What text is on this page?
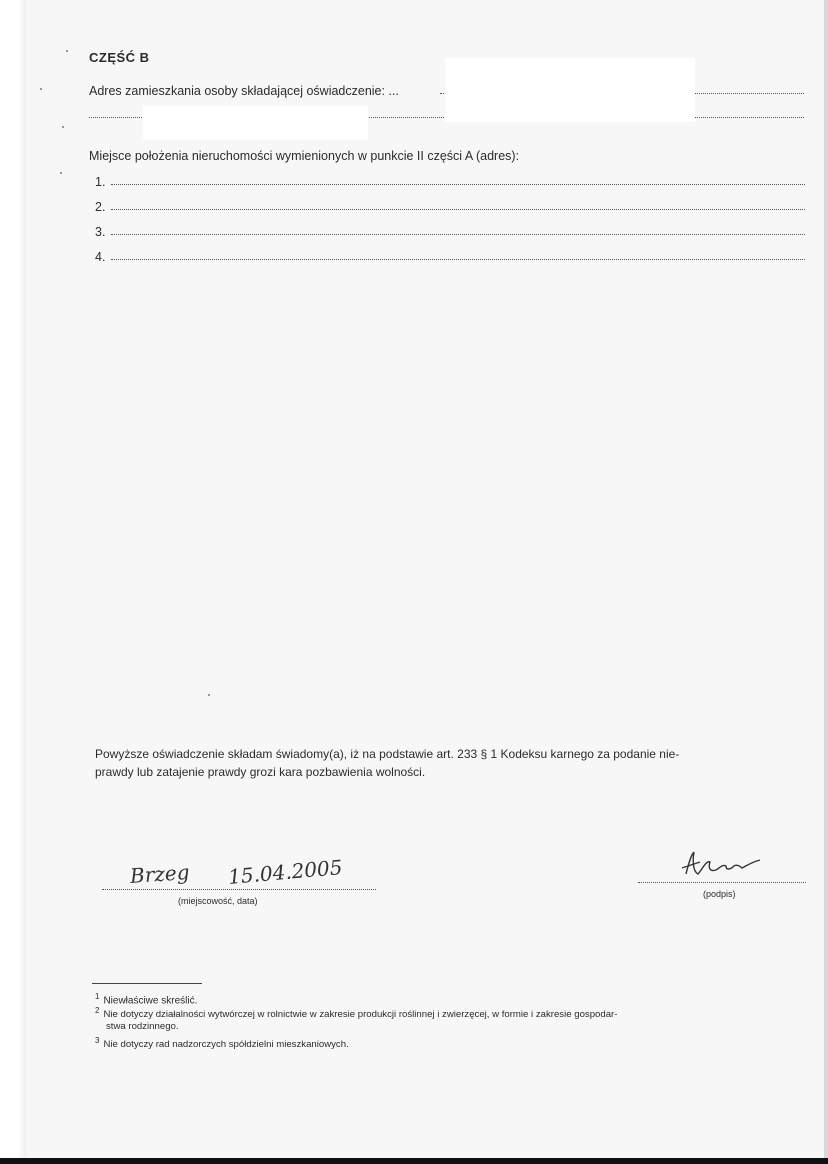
CZĘŚĆ B
Adres zamieszkania osoby składającej oświadczenie: ...
Miejsce położenia nieruchomości wymienionych w punkcie II części A (adres):
1.
2.
3.
4.
Powyższe oświadczenie składam świadomy(a), iż na podstawie art. 233 § 1 Kodeksu karnego za podanie nie-
prawdy lub zatajenie prawdy grozi kara pozbawienia wolności.
Brzeg 15.04.2005
(miejscowość, data)
(podpis)
$^1$ Niewłaściwe skreślić.
$^2$ Nie dotyczy działalności wytwórczej w rolnictwie w zakresie produkcji roślinnej i zwierzęcej, w formie i zakresie gospodar-
stwa rodzinnego.
$^3$ Nie dotyczy rad nadzorczych spółdzielni mieszkaniowych.
